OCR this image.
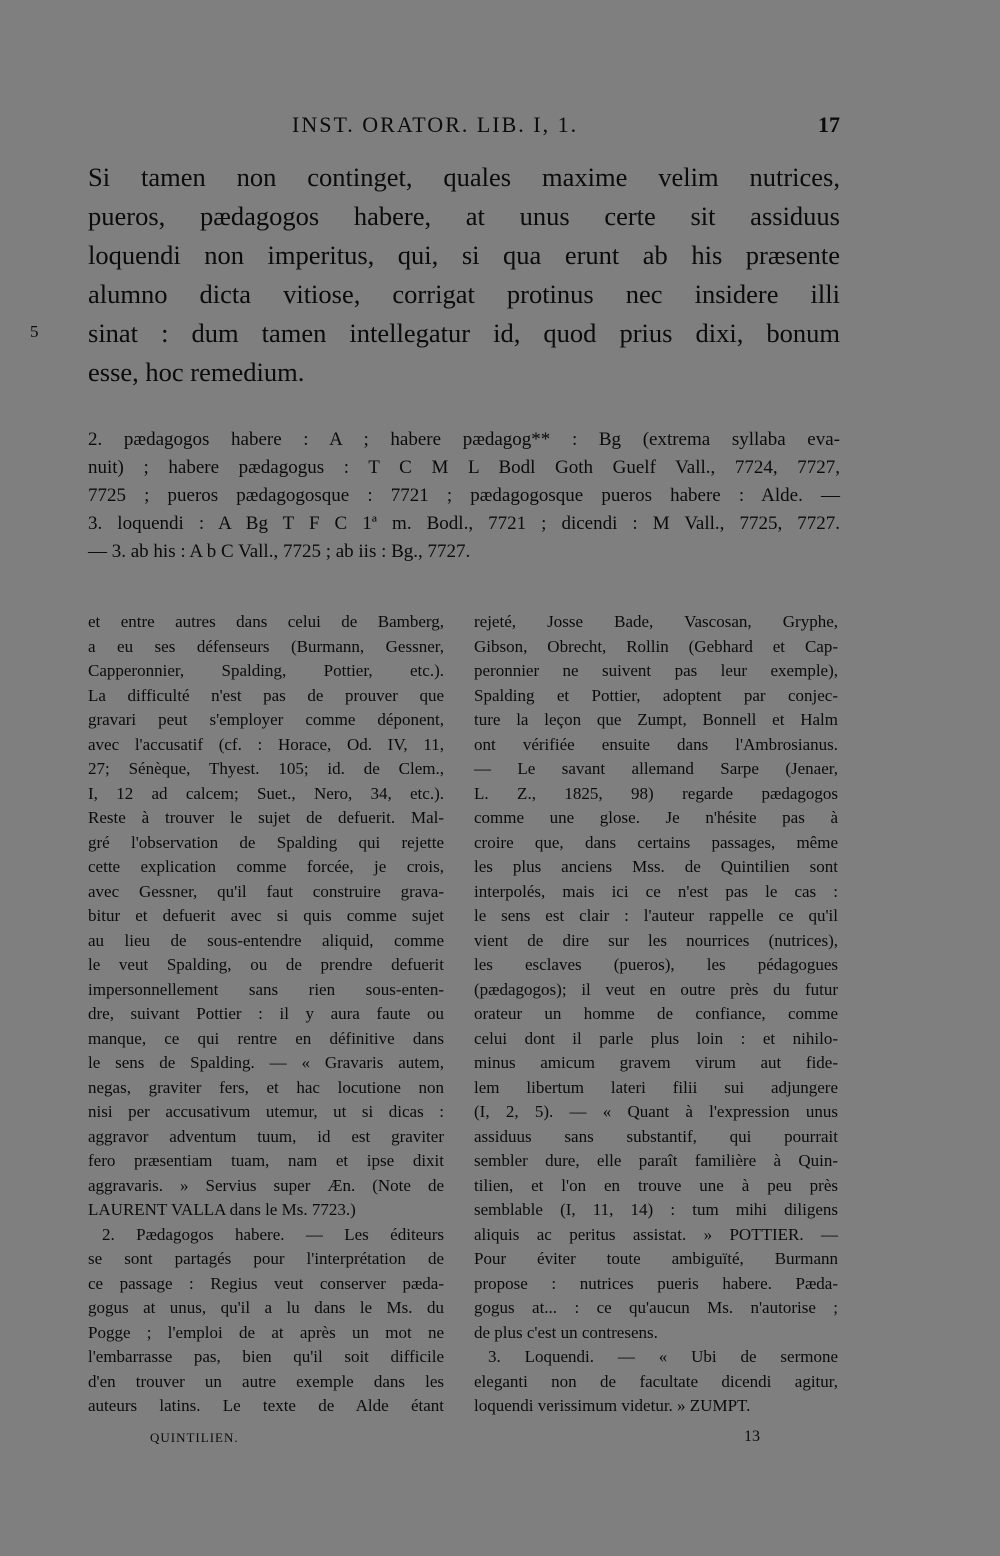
INST. ORATOR. LIB. I, 1.	17
Si tamen non continget, quales maxime velim nutrices,
pueros, pædagogos habere, at unus certe sit assiduus
loquendi non imperitus, qui, si qua erunt ab his præsente
alumno dicta vitiose, corrigat protinus nec insidere illi
sinat : dum tamen intellegatur id, quod prius dixi, bonum
esse, hoc remedium.
5
2. pædagogos habere : A ; habere pædagog** : Bg (extrema syllaba eva-
nuit) ; habere pædagogus : T C M L Bodl Goth Guelf Vall., 7724, 7727,
7725 ; pueros pædagogosque : 7721 ; pædagogosque pueros habere : Alde. —
3. loquendi : A Bg T F C 1ª m. Bodl., 7721 ; dicendi : M Vall., 7725, 7727.
— 3. ab his : A b C Vall., 7725 ; ab iis : Bg., 7727.
et entre autres dans celui de Bamberg,
a eu ses défenseurs (Burmann, Gessner,
Capperonnier, Spalding, Pottier, etc.).
La difficulté n'est pas de prouver que
gravari peut s'employer comme déponent,
avec l'accusatif (cf. : Horace, Od. IV, 11,
27; Sénèque, Thyest. 105; id. de Clem.,
I, 12 ad calcem; Suet., Nero, 34, etc.).
Reste à trouver le sujet de defuerit. Mal-
gré l'observation de Spalding qui rejette
cette explication comme forcée, je crois,
avec Gessner, qu'il faut construire grava-
bitur et defuerit avec si quis comme sujet
au lieu de sous-entendre aliquid, comme
le veut Spalding, ou de prendre defuerit
impersonnellement sans rien sous-enten-
dre, suivant Pottier : il y aura faute ou
manque, ce qui rentre en définitive dans
le sens de Spalding. — « Gravaris autem,
negas, graviter fers, et hac locutione non
nisi per accusativum utemur, ut si dicas :
aggravor adventum tuum, id est graviter
fero præsentiam tuam, nam et ipse dixit
aggravaris. » Servius super Æn. (Note de
LAURENT VALLA dans le Ms. 7723.)
2. Pædagogos habere. — Les éditeurs
se sont partagés pour l'interprétation de
ce passage : Regius veut conserver pæda-
gogus at unus, qu'il a lu dans le Ms. du
Pogge ; l'emploi de at après un mot ne
l'embarrasse pas, bien qu'il soit difficile
d'en trouver un autre exemple dans les
auteurs latins. Le texte de Alde étant
rejeté, Josse Bade, Vascosan, Gryphe,
Gibson, Obrecht, Rollin (Gebhard et Cap-
peronnier ne suivent pas leur exemple),
Spalding et Pottier, adoptent par conjec-
ture la leçon que Zumpt, Bonnell et Halm
ont vérifiée ensuite dans l'Ambrosianus.
— Le savant allemand Sarpe (Jenaer,
L. Z., 1825, 98) regarde pædagogos
comme une glose. Je n'hésite pas à
croire que, dans certains passages, même
les plus anciens Mss. de Quintilien sont
interpolés, mais ici ce n'est pas le cas :
le sens est clair : l'auteur rappelle ce qu'il
vient de dire sur les nourrices (nutrices),
les esclaves (pueros), les pédagogues
(pædagogos); il veut en outre près du futur
orateur un homme de confiance, comme
celui dont il parle plus loin : et nihilo-
minus amicum gravem virum aut fide-
lem libertum lateri filii sui adjungere
(I, 2, 5). — « Quant à l'expression unus
assiduus sans substantif, qui pourrait
sembler dure, elle paraît familière à Quin-
tilien, et l'on en trouve une à peu près
semblable (I, 11, 14) : tum mihi diligens
aliquis ac peritus assistat. » POTTIER. —
Pour éviter toute ambiguïté, Burmann
propose : nutrices pueris habere. Pæda-
gogus at... : ce qu'aucun Ms. n'autorise ;
de plus c'est un contresens.
3. Loquendi. — « Ubi de sermone
eleganti non de facultate dicendi agitur,
loquendi verissimum videtur. » ZUMPT.
QUINTILIEN.	13
